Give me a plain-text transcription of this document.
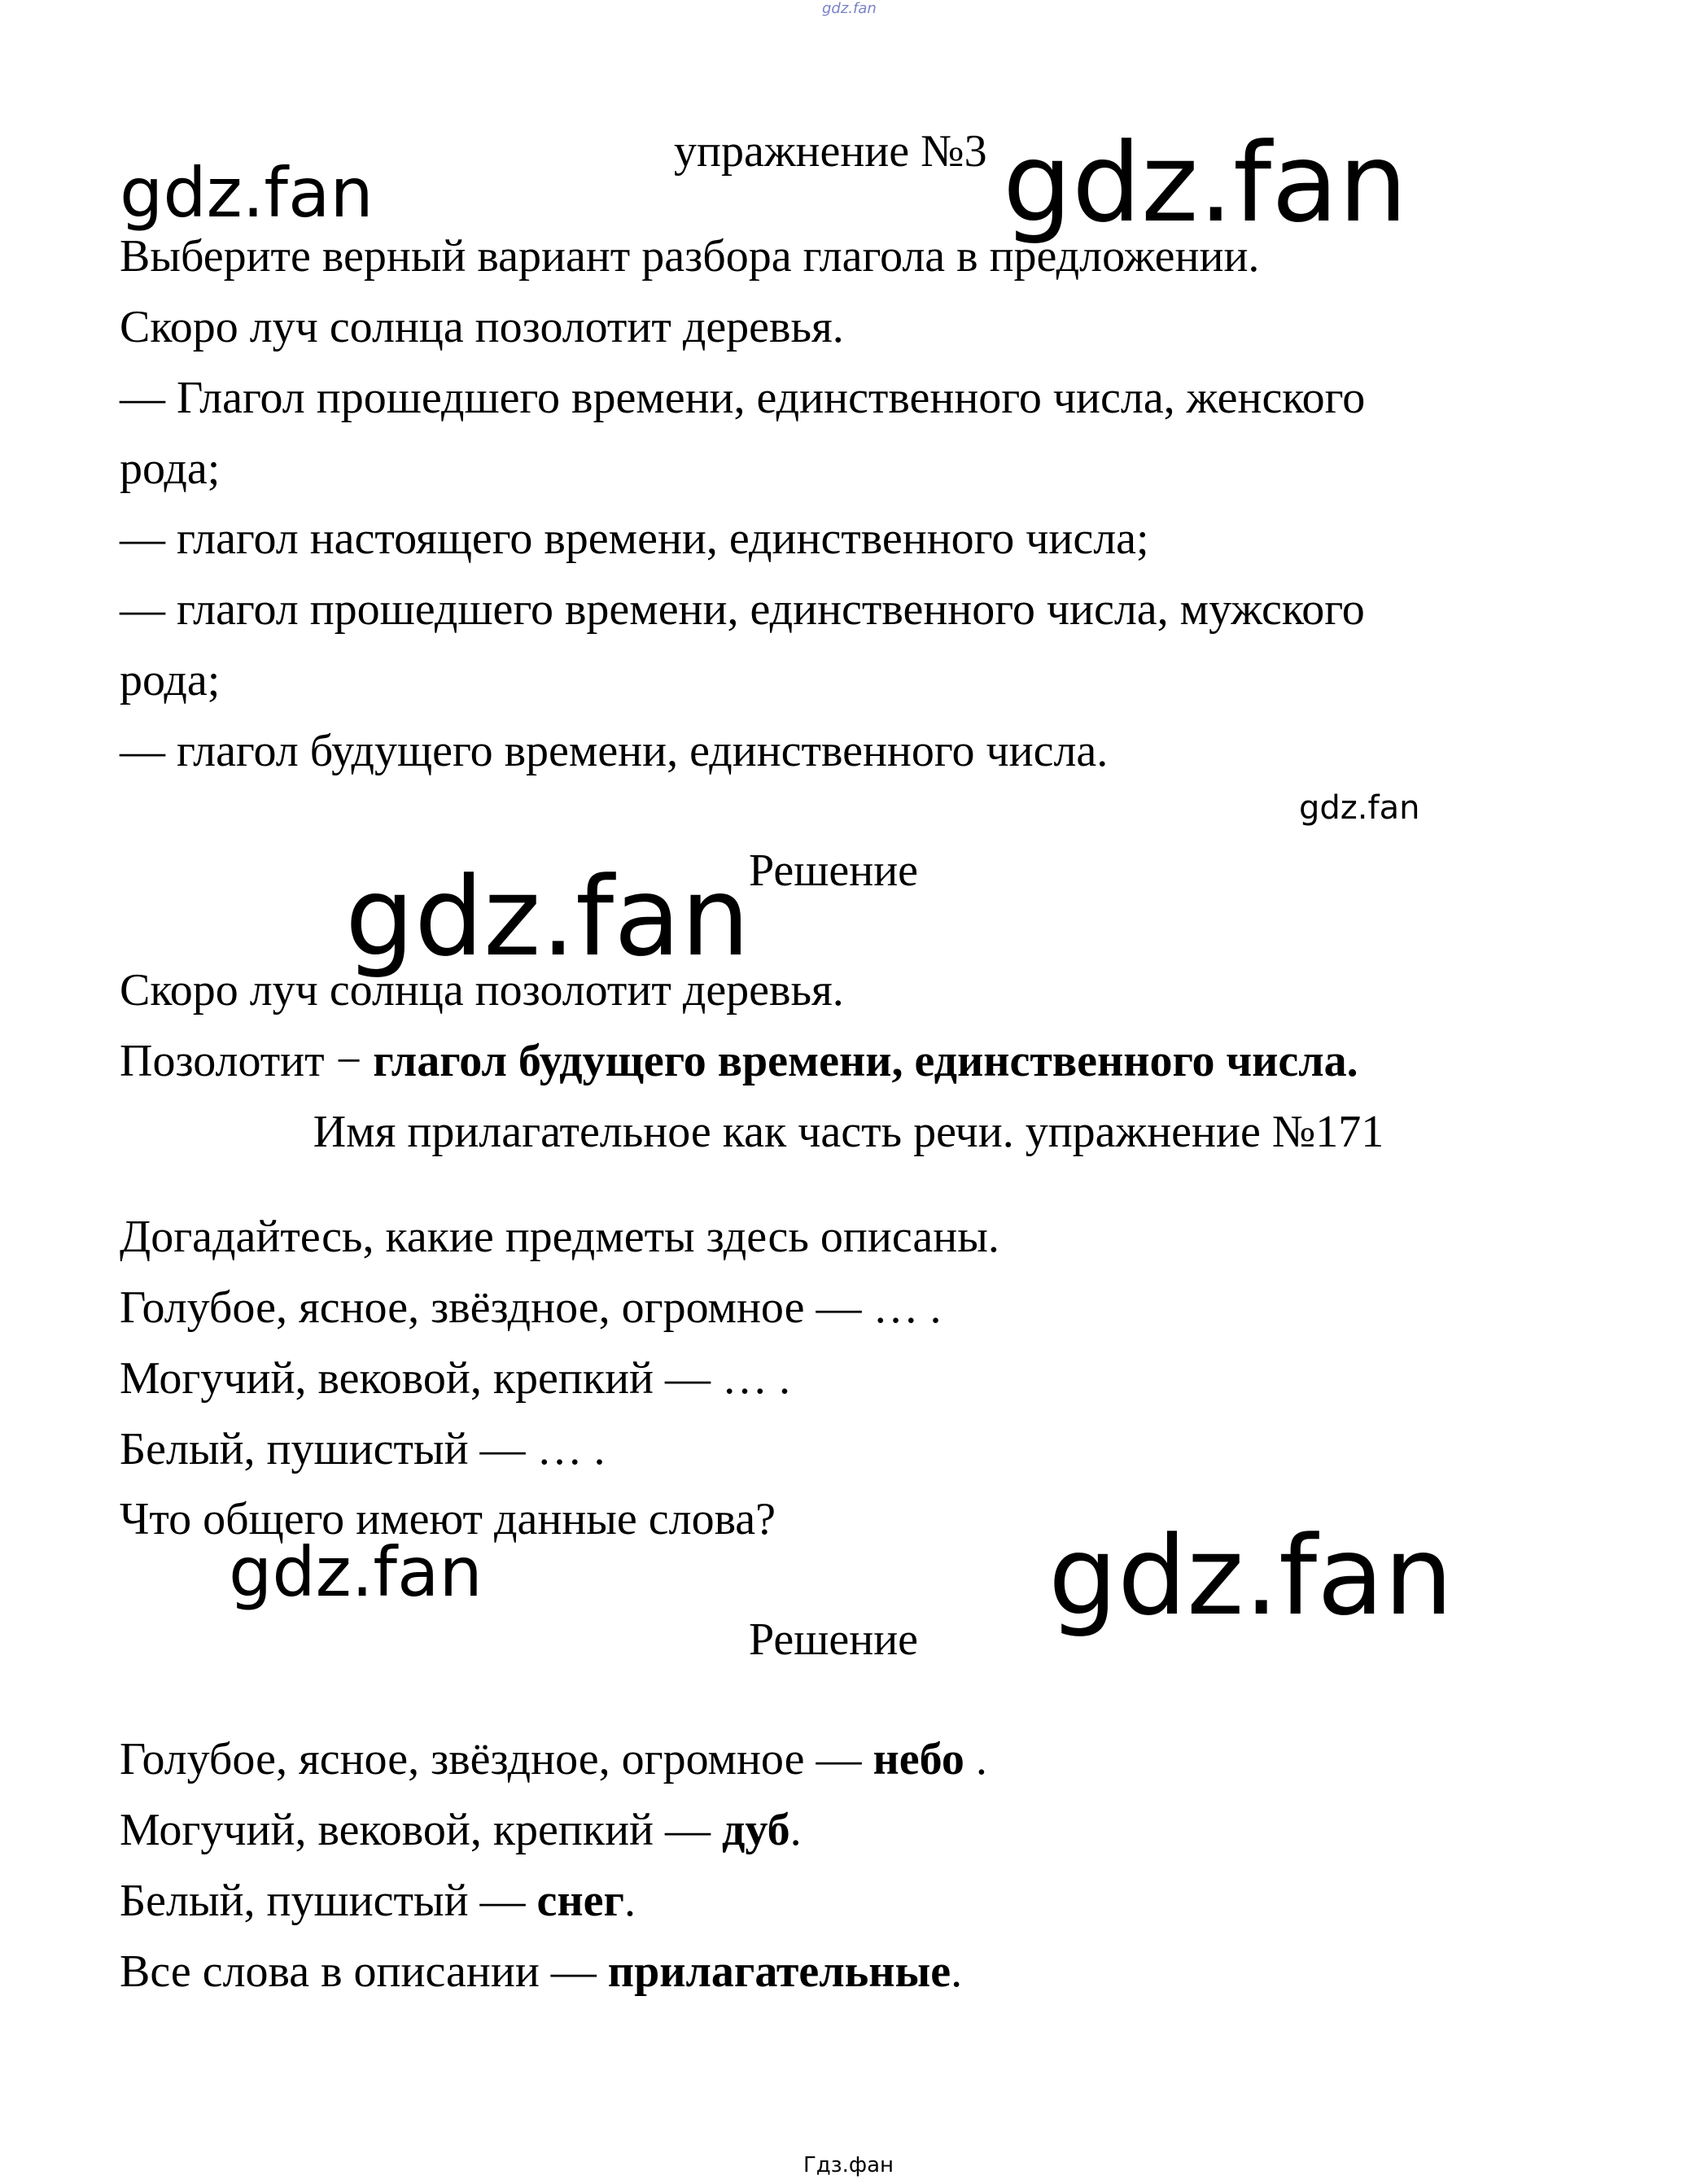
gdz.fan
упражнение №3
Выберите верный вариант разбора глагола в предложении.
Скоро луч солнца позолотит деревья.
— Глагол прошедшего времени, единственного числа, женского
рода;
— глагол настоящего времени, единственного числа;
— глагол прошедшего времени, единственного числа, мужского
рода;
— глагол будущего времени, единственного числа.
Решение
Скоро луч солнца позолотит деревья.
Позолотит − глагол будущего времени, единственного числа.
Имя прилагательное как часть речи. упражнение №171
Догадайтесь, какие предметы здесь описаны.
Голубое, ясное, звёздное, огромное — … .
Могучий, вековой, крепкий — … .
Белый, пушистый — … .
Что общего имеют данные слова?
Решение
Голубое, ясное, звёздное, огромное — небо .
Могучий, вековой, крепкий — дуб.
Белый, пушистый — снег.
Все слова в описании — прилагательные.
gdz.fan	gdz.fan
gdz.fan
gdz.fan
gdz.fan	gdz.fan
Гдз.фан
